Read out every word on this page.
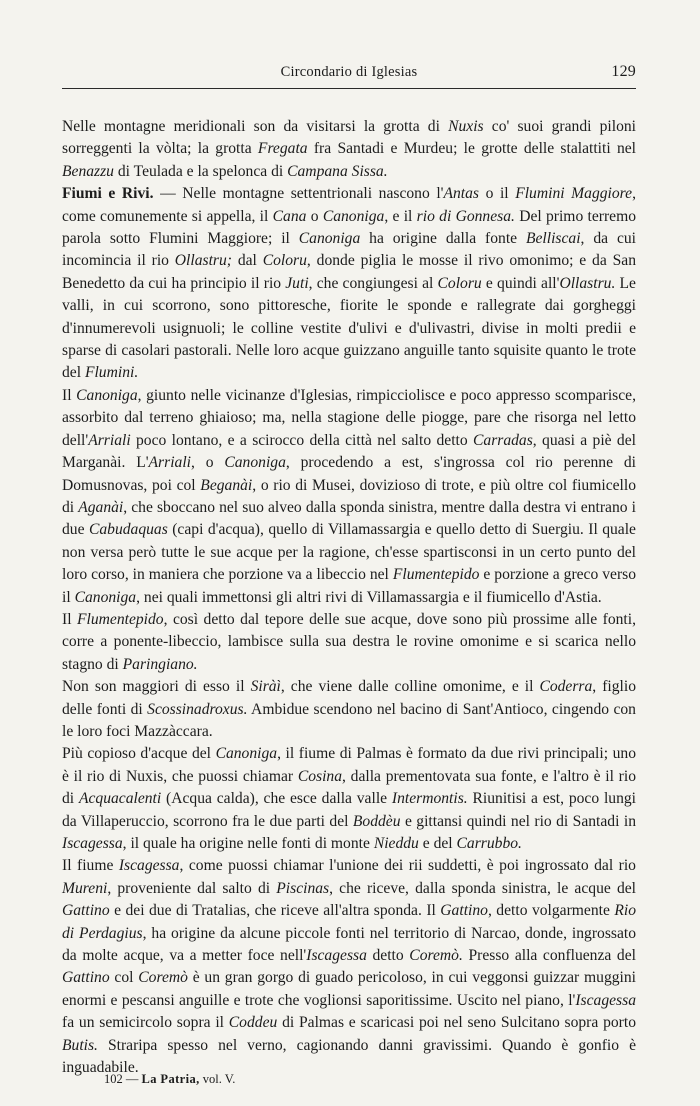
Circondario di Iglesias	129

Nelle montagne meridionali son da visitarsi la grotta di Nuxis co' suoi grandi piloni sorreggenti la vòlta; la grotta Fregata fra Santadi e Murdeu; le grotte delle stalattiti nel Benazzu di Teulada e la spelonca di Campana Sissa.

Fiumi e Rivi. — Nelle montagne settentrionali nascono l'Antas o il Flumini Maggiore, come comunemente si appella, il Cana o Canoniga, e il rio di Gonnesa. Del primo terremo parola sotto Flumini Maggiore; il Canoniga ha origine dalla fonte Belliscai, da cui incomincia il rio Ollastru; dal Coloru, donde piglia le mosse il rivo omonimo; e da San Benedetto da cui ha principio il rio Juti, che congiungesi al Coloru e quindi all'Ollastru. Le valli, in cui scorrono, sono pittoresche, fiorite le sponde e rallegrate dai gorgheggi d'innumerevoli usignuoli; le colline vestite d'ulivi e d'ulivastri, divise in molti predii e sparse di casolari pastorali. Nelle loro acque guizzano anguille tanto squisite quanto le trote del Flumini.

Il Canoniga, giunto nelle vicinanze d'Iglesias, rimpicciolisce e poco appresso scomparisce, assorbito dal terreno ghiaioso; ma, nella stagione delle piogge, pare che risorga nel letto dell'Arriali poco lontano, e a scirocco della città nel salto detto Carradas, quasi a piè del Marganài. L'Arriali, o Canoniga, procedendo a est, s'ingrossa col rio perenne di Domusnovas, poi col Beganài, o rio di Musei, dovizioso di trote, e più oltre col fiumicello di Aganài, che sboccano nel suo alveo dalla sponda sinistra, mentre dalla destra vi entrano i due Cabudaquas (capi d'acqua), quello di Villamassargia e quello detto di Suergiu. Il quale non versa però tutte le sue acque per la ragione, ch'esse spartisconsi in un certo punto del loro corso, in maniera che porzione va a libeccio nel Flumentepido e porzione a greco verso il Canoniga, nei quali immettonsi gli altri rivi di Villamassargia e il fiumicello d'Astia.

Il Flumentepido, così detto dal tepore delle sue acque, dove sono più prossime alle fonti, corre a ponente-libeccio, lambisce sulla sua destra le rovine omonime e si scarica nello stagno di Paringiano.

Non son maggiori di esso il Siràì, che viene dalle colline omonime, e il Coderra, figlio delle fonti di Scossinadroxus. Ambidue scendono nel bacino di Sant'Antioco, cingendo con le loro foci Mazzàccara.

Più copioso d'acque del Canoniga, il fiume di Palmas è formato da due rivi principali; uno è il rio di Nuxis, che puossi chiamar Cosina, dalla prementovata sua fonte, e l'altro è il rio di Acquacalenti (Acqua calda), che esce dalla valle Intermontis. Riunitisi a est, poco lungi da Villaperuccio, scorrono fra le due parti del Boddèu e gittansi quindi nel rio di Santadi in Iscagessa, il quale ha origine nelle fonti di monte Nieddu e del Carrubbo.

Il fiume Iscagessa, come puossi chiamar l'unione dei rii suddetti, è poi ingrossato dal rio Mureni, proveniente dal salto di Piscinas, che riceve, dalla sponda sinistra, le acque del Gattino e dei due di Tratalias, che riceve all'altra sponda. Il Gattino, detto volgarmente Rio di Perdagius, ha origine da alcune piccole fonti nel territorio di Narcao, donde, ingrossato da molte acque, va a metter foce nell'Iscagessa detto Coremò. Presso alla confluenza del Gattino col Coremò è un gran gorgo di guado pericoloso, in cui veggonsi guizzar muggini enormi e pescansi anguille e trote che voglionsi saporitissime. Uscito nel piano, l'Iscagessa fa un semicircolo sopra il Coddeu di Palmas e scaricasi poi nel seno Sulcitano sopra porto Butis. Straripa spesso nel verno, cagionando danni gravissimi. Quando è gonfio è inguadabile.

102 — La Patria, vol. V.
